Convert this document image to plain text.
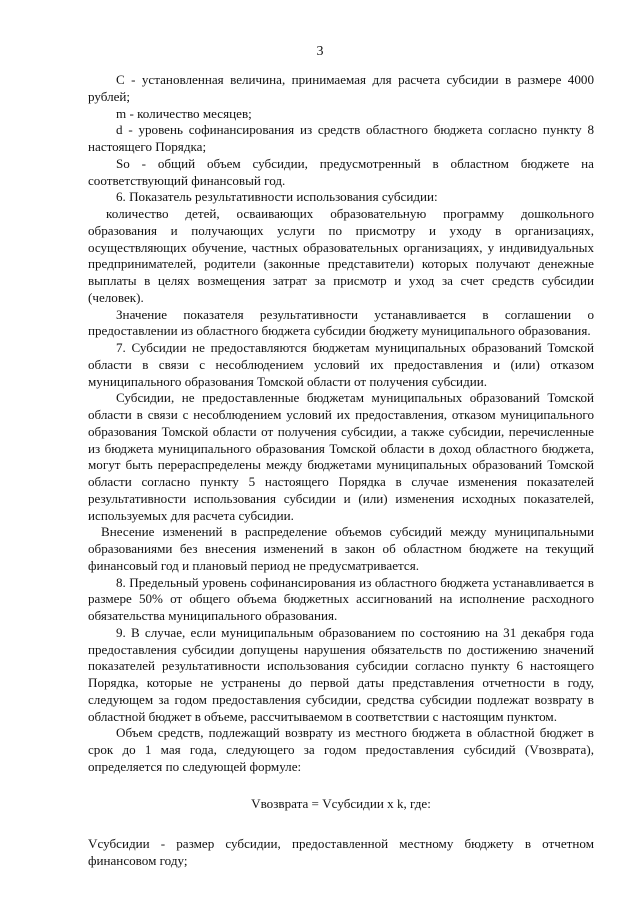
3

С - установленная величина, принимаемая для расчета субсидии в размере 4000 рублей;

m - количество месяцев;

d - уровень софинансирования из средств областного бюджета согласно пункту 8 настоящего Порядка;

So - общий объем субсидии, предусмотренный в областном бюджете на соответствующий финансовый год.

6. Показатель результативности использования субсидии:

количество детей, осваивающих образовательную программу дошкольного образования и получающих услуги по присмотру и уходу в организациях, осуществляющих обучение, частных образовательных организациях, у индивидуальных предпринимателей, родители (законные представители) которых получают денежные выплаты в целях возмещения затрат за присмотр и уход за счет средств субсидии (человек).

Значение показателя результативности устанавливается в соглашении о предоставлении из областного бюджета субсидии бюджету муниципального образования.

7. Субсидии не предоставляются бюджетам муниципальных образований Томской области в связи с несоблюдением условий их предоставления и (или) отказом муниципального образования Томской области от получения субсидии.

Субсидии, не предоставленные бюджетам муниципальных образований Томской области в связи с несоблюдением условий их предоставления, отказом муниципального образования Томской области от получения субсидии, а также субсидии, перечисленные из бюджета муниципального образования Томской области в доход областного бюджета, могут быть перераспределены между бюджетами муниципальных образований Томской области согласно пункту 5 настоящего Порядка в случае изменения показателей результативности использования субсидии и (или) изменения исходных показателей, используемых для расчета субсидии.

Внесение изменений в распределение объемов субсидий между муниципальными образованиями без внесения изменений в закон об областном бюджете на текущий финансовый год и плановый период не предусматривается.

8. Предельный уровень софинансирования из областного бюджета устанавливается в размере 50% от общего объема бюджетных ассигнований на исполнение расходного обязательства муниципального образования.

9. В случае, если муниципальным образованием по состоянию на 31 декабря года предоставления субсидии допущены нарушения обязательств по достижению значений показателей результативности использования субсидии согласно пункту 6 настоящего Порядка, которые не устранены до первой даты представления отчетности в году, следующем за годом предоставления субсидии, средства субсидии подлежат возврату в областной бюджет в объеме, рассчитываемом в соответствии с настоящим пунктом.

Объем средств, подлежащий возврату из местного бюджета в областной бюджет в срок до 1 мая года, следующего за годом предоставления субсидий (Vвозврата), определяется по следующей формуле:

Vвозврата = Vсубсидии x k, где:

Vсубсидии - размер субсидии, предоставленной местному бюджету в отчетном финансовом году;
